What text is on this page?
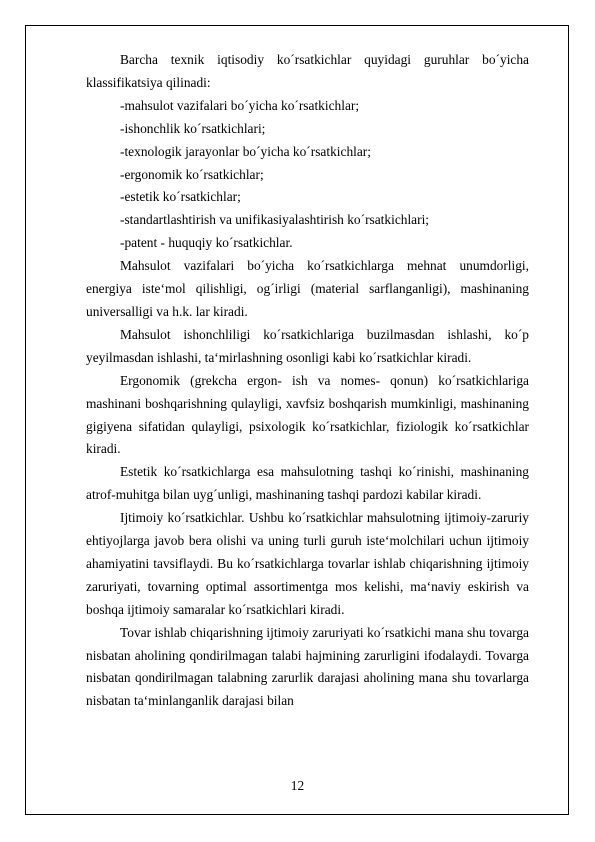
Barcha texnik iqtisodiy ko´rsatkichlar quyidagi guruhlar bo´yicha klassifikatsiya qilinadi:

-mahsulot vazifalari bo´yicha ko´rsatkichlar;

-ishonchlik ko´rsatkichlari;

-texnologik jarayonlar bo´yicha ko´rsatkichlar;

-ergonomik ko´rsatkichlar;

-estetik ko´rsatkichlar;

-standartlashtirish va unifikasiyalashtirish ko´rsatkichlari;

-patent - huquqiy ko´rsatkichlar.

Mahsulot vazifalari bo´yicha ko´rsatkichlarga mehnat unumdorligi, energiya iste‘mol qilishligi, og´irligi (material sarflanganligi), mashinaning universalligi va h.k. lar kiradi.

Mahsulot ishonchliligi ko´rsatkichlariga buzilmasdan ishlashi, ko´p yeyilmasdan ishlashi, ta‘mirlashning osonligi kabi ko´rsatkichlar kiradi.

Ergonomik (grekcha ergon- ish va nomes- qonun) ko´rsatkichlariga mashinani boshqarishning qulayligi, xavfsiz boshqarish mumkinligi, mashinaning gigiyena sifatidan qulayligi, psixologik ko´rsatkichlar, fiziologik ko´rsatkichlar kiradi.

Estetik ko´rsatkichlarga esa mahsulotning tashqi ko´rinishi, mashinaning atrof-muhitga bilan uyg´unligi, mashinaning tashqi pardozi kabilar kiradi.

Ijtimoiy ko´rsatkichlar. Ushbu ko´rsatkichlar mahsulotning ijtimoiy-zaruriy ehtiyojlarga javob bera olishi va uning turli guruh iste‘molchilari uchun ijtimoiy ahamiyatini tavsiflaydi. Bu ko´rsatkichlarga tovarlar ishlab chiqarishning ijtimoiy zaruriyati, tovarning optimal assortimentga mos kelishi, ma‘naviy eskirish va boshqa ijtimoiy samaralar ko´rsatkichlari kiradi.

Tovar ishlab chiqarishning ijtimoiy zaruriyati ko´rsatkichi mana shu tovarga nisbatan aholining qondirilmagan talabi hajmining zarurligini ifodalaydi. Tovarga nisbatan qondirilmagan talabning zarurlik darajasi aholining mana shu tovarlarga nisbatan ta‘minlanganlik darajasi bilan

12
